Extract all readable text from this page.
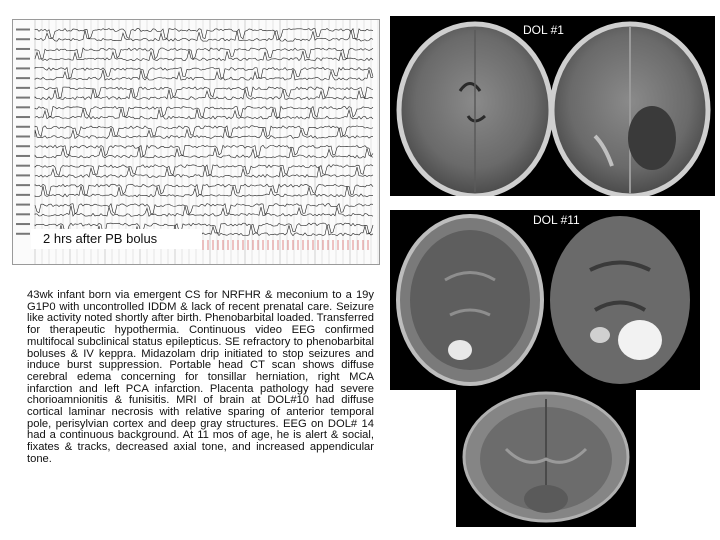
2 hrs after PB bolus
DOL #1
DOL #11

43wk infant born via emergent CS for NRFHR & meconium to a 19y G1P0 with uncontrolled IDDM & lack of recent prenatal care. Seizure like activity noted shortly after birth. Phenobarbital loaded. Transferred for therapeutic hypothermia. Continuous video EEG confirmed multifocal subclinical status epilepticus. SE refractory to phenobarbital boluses & IV keppra. Midazolam drip initiated to stop seizures and induce burst suppression. Portable head CT scan shows diffuse cerebral edema concerning for tonsillar herniation, right MCA infarction and left PCA infarction. Placenta pathology had severe chorioamnionitis & funisitis. MRI of brain at DOL#10 had diffuse cortical laminar necrosis with relative sparing of anterior temporal pole, perisylvian cortex and deep gray structures. EEG on DOL# 14 had a continuous background. At 11 mos of age, he is alert & social, fixates & tracks, decreased axial tone, and increased appendicular tone.
